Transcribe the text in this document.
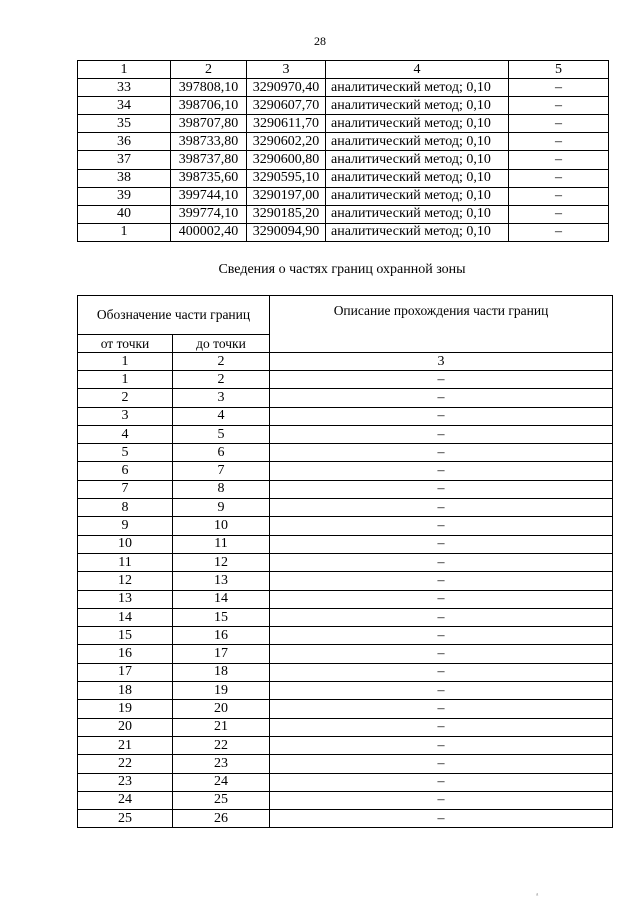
28
1	2	3	4	5
33	397808,10	3290970,40	аналитический метод; 0,10	–
34	398706,10	3290607,70	аналитический метод; 0,10	–
35	398707,80	3290611,70	аналитический метод; 0,10	–
36	398733,80	3290602,20	аналитический метод; 0,10	–
37	398737,80	3290600,80	аналитический метод; 0,10	–
38	398735,60	3290595,10	аналитический метод; 0,10	–
39	399744,10	3290197,00	аналитический метод; 0,10	–
40	399774,10	3290185,20	аналитический метод; 0,10	–
1	400002,40	3290094,90	аналитический метод; 0,10	–
Сведения о частях границ охранной зоны
Обозначение части границ		Описание прохождения части границ
от точки	до точки	
1	2	3
1	2	–
2	3	–
3	4	–
4	5	–
5	6	–
6	7	–
7	8	–
8	9	–
9	10	–
10	11	–
11	12	–
12	13	–
13	14	–
14	15	–
15	16	–
16	17	–
17	18	–
18	19	–
19	20	–
20	21	–
21	22	–
22	23	–
23	24	–
24	25	–
25	26	–
ᵃ
